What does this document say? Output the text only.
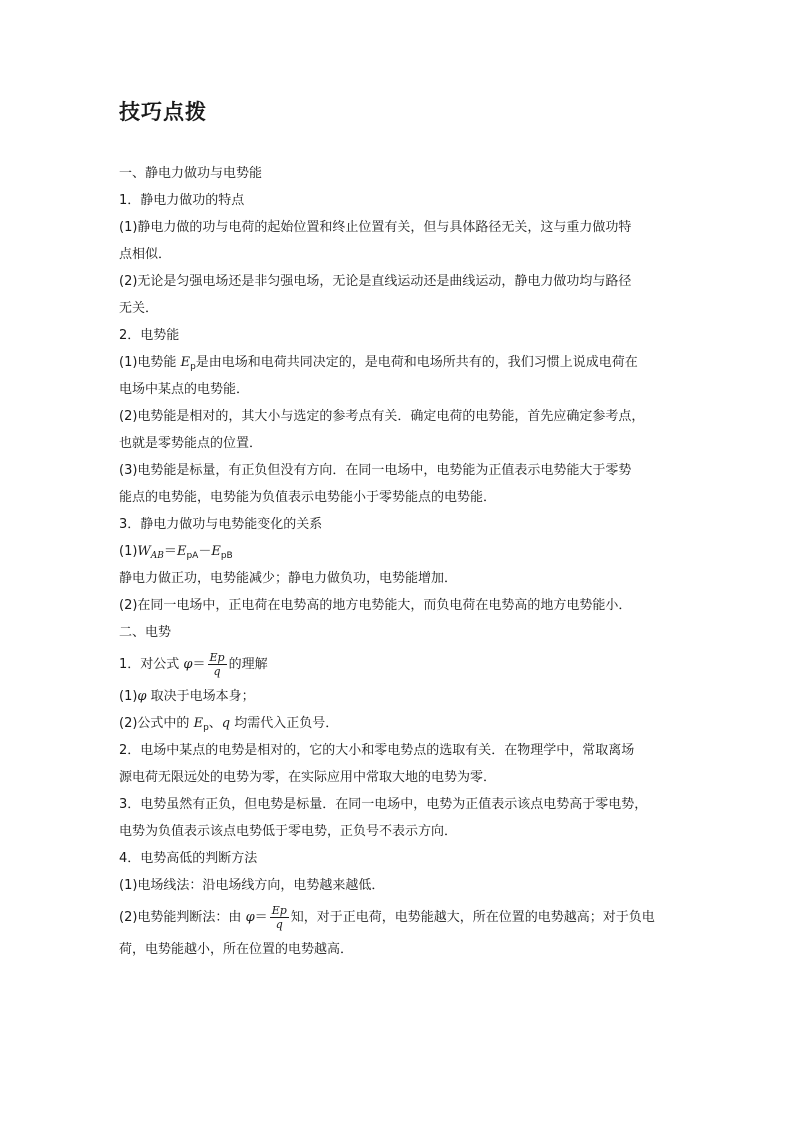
技巧点拨
一、静电力做功与电势能
1．静电力做功的特点
(1)静电力做的功与电荷的起始位置和终止位置有关，但与具体路径无关，这与重力做功特
点相似．
(2)无论是匀强电场还是非匀强电场，无论是直线运动还是曲线运动，静电力做功均与路径
无关．
2．电势能
(1)电势能 $E_p$是由电场和电荷共同决定的，是电荷和电场所共有的，我们习惯上说成电荷在
电场中某点的电势能．
(2)电势能是相对的，其大小与选定的参考点有关．确定电荷的电势能，首先应确定参考点，
也就是零势能点的位置．
(3)电势能是标量，有正负但没有方向．在同一电场中，电势能为正值表示电势能大于零势
能点的电势能，电势能为负值表示电势能小于零势能点的电势能．
3．静电力做功与电势能变化的关系
$(1)W_{AB}=E_{pA}-E_{pB}$
静电力做正功，电势能减少；静电力做负功，电势能增加．
(2)在同一电场中，正电荷在电势高的地方电势能大，而负电荷在电势高的地方电势能小．
二、电势
1．对公式 $\varphi= \frac{Ep}{q}$ 的理解
(1)φ 取决于电场本身；
(2)公式中的 $E_p$、q 均需代入正负号．
2．电场中某点的电势是相对的，它的大小和零电势点的选取有关．在物理学中，常取离场
源电荷无限远处的电势为零，在实际应用中常取大地的电势为零．
3．电势虽然有正负，但电势是标量．在同一电场中，电势为正值表示该点电势高于零电势，
电势为负值表示该点电势低于零电势，正负号不表示方向．
4．电势高低的判断方法
(1)电场线法：沿电场线方向，电势越来越低．
(2)电势能判断法：由 $\varphi= \frac{Ep}{q}$ 知，对于正电荷，电势能越大，所在位置的电势越高；对于负电
荷，电势能越小，所在位置的电势越高．
